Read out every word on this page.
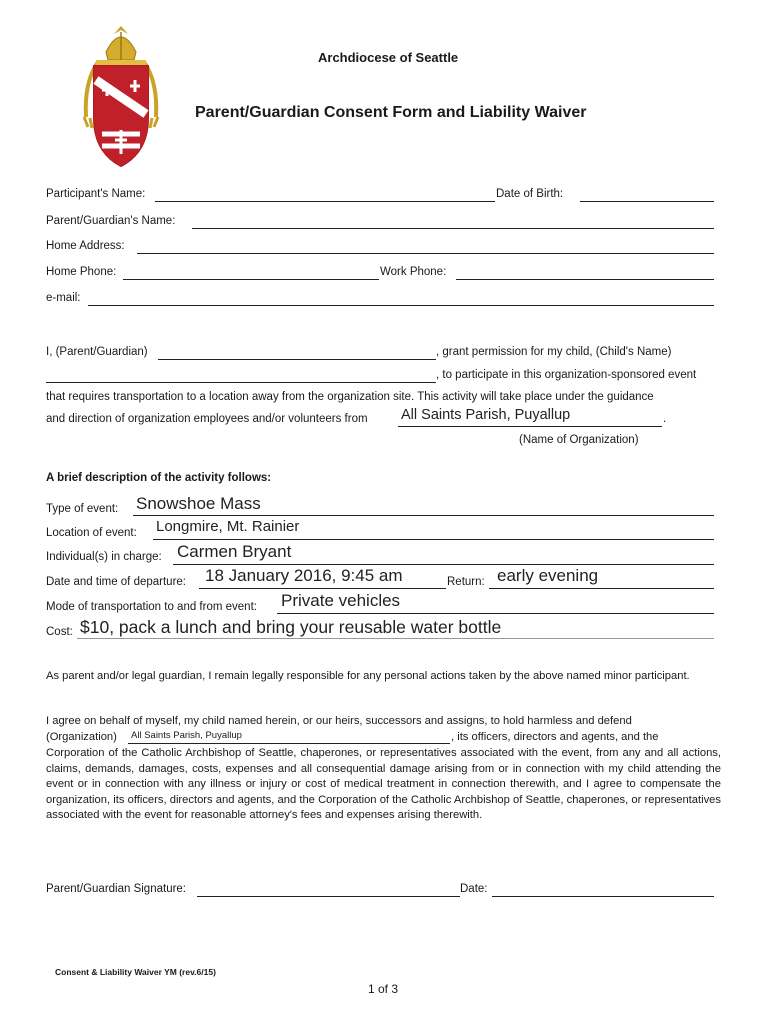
Archdiocese of Seattle
Parent/Guardian Consent Form and Liability Waiver
Participant's Name:	Date of Birth:
Parent/Guardian's Name:
Home Address:
Home Phone:	Work Phone:
e-mail:
I, (Parent/Guardian)	, grant permission for my child, (Child's Name)
, to participate in this organization-sponsored event
that requires transportation to a location away from the organization site. This activity will take place under the guidance
and direction of organization employees and/or volunteers from All Saints Parish, Puyallup	.
(Name of Organization)
A brief description of the activity follows:
Type of event: Snowshoe Mass
Location of event: Longmire, Mt. Rainier
Individual(s) in charge: Carmen Bryant
Date and time of departure: 18 January 2016, 9:45 am	Return: early evening
Mode of transportation to and from event: Private vehicles
Cost: $10, pack a lunch and bring your reusable water bottle
As parent and/or legal guardian, I remain legally responsible for any personal actions taken by the above named minor participant.
I agree on behalf of myself, my child named herein, or our heirs, successors and assigns, to hold harmless and defend
(Organization) All Saints Parish, Puyallup	, its officers, directors and agents, and the
Corporation of the Catholic Archbishop of Seattle, chaperones, or representatives associated with the event, from any and all actions, claims, demands, damages, costs, expenses and all consequential damage arising from or in connection with my child attending the event or in connection with any illness or injury or cost of medical treatment in connection therewith, and I agree to compensate the organization, its officers, directors and agents, and the Corporation of the Catholic Archbishop of Seattle, chaperones, or representatives associated with the event for reasonable attorney's fees and expenses arising therewith.
Parent/Guardian Signature:	Date:
Consent & Liability Waiver YM (rev.6/15)
1 of 3
